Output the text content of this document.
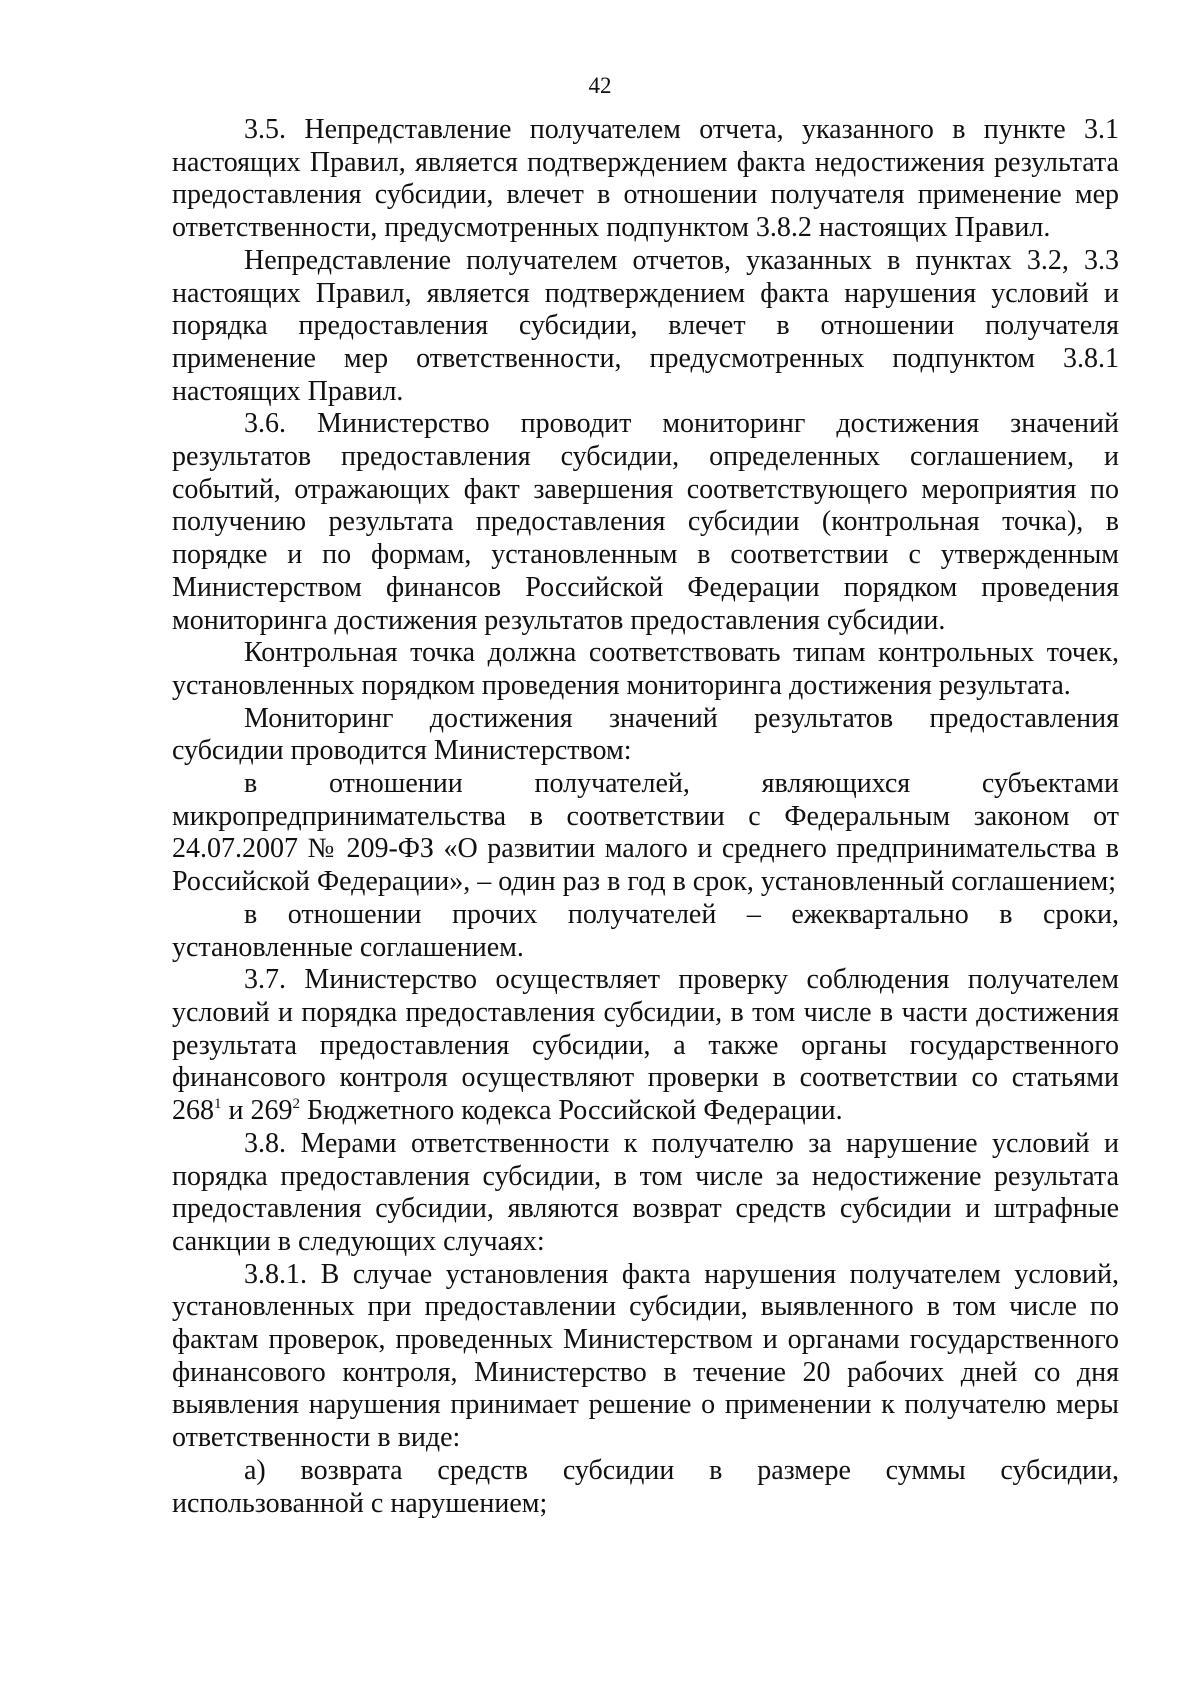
42

3.5. Непредставление получателем отчета, указанного в пункте 3.1 настоящих Правил, является подтверждением факта недостижения результата предоставления субсидии, влечет в отношении получателя применение мер ответственности, предусмотренных подпунктом 3.8.2 настоящих Правил.

Непредставление получателем отчетов, указанных в пунктах 3.2, 3.3 настоящих Правил, является подтверждением факта нарушения условий и порядка предоставления субсидии, влечет в отношении получателя применение мер ответственности, предусмотренных подпунктом 3.8.1 настоящих Правил.

3.6. Министерство проводит мониторинг достижения значений результатов предоставления субсидии, определенных соглашением, и событий, отражающих факт завершения соответствующего мероприятия по получению результата предоставления субсидии (контрольная точка), в порядке и по формам, установленным в соответствии с утвержденным Министерством финансов Российской Федерации порядком проведения мониторинга достижения результатов предоставления субсидии.

Контрольная точка должна соответствовать типам контрольных точек, установленных порядком проведения мониторинга достижения результата.

Мониторинг достижения значений результатов предоставления субсидии проводится Министерством:

в отношении получателей, являющихся субъектами микропредпринимательства в соответствии с Федеральным законом от 24.07.2007 № 209-ФЗ «О развитии малого и среднего предпринимательства в Российской Федерации», – один раз в год в срок, установленный соглашением;

в отношении прочих получателей – ежеквартально в сроки, установленные соглашением.

3.7. Министерство осуществляет проверку соблюдения получателем условий и порядка предоставления субсидии, в том числе в части достижения результата предоставления субсидии, а также органы государственного финансового контроля осуществляют проверки в соответствии со статьями $268^1$ и $269^2$ Бюджетного кодекса Российской Федерации.

3.8. Мерами ответственности к получателю за нарушение условий и порядка предоставления субсидии, в том числе за недостижение результата предоставления субсидии, являются возврат средств субсидии и штрафные санкции в следующих случаях:

3.8.1. В случае установления факта нарушения получателем условий, установленных при предоставлении субсидии, выявленного в том числе по фактам проверок, проведенных Министерством и органами государственного финансового контроля, Министерство в течение 20 рабочих дней со дня выявления нарушения принимает решение о применении к получателю меры ответственности в виде:

а) возврата средств субсидии в размере суммы субсидии, использованной с нарушением;
